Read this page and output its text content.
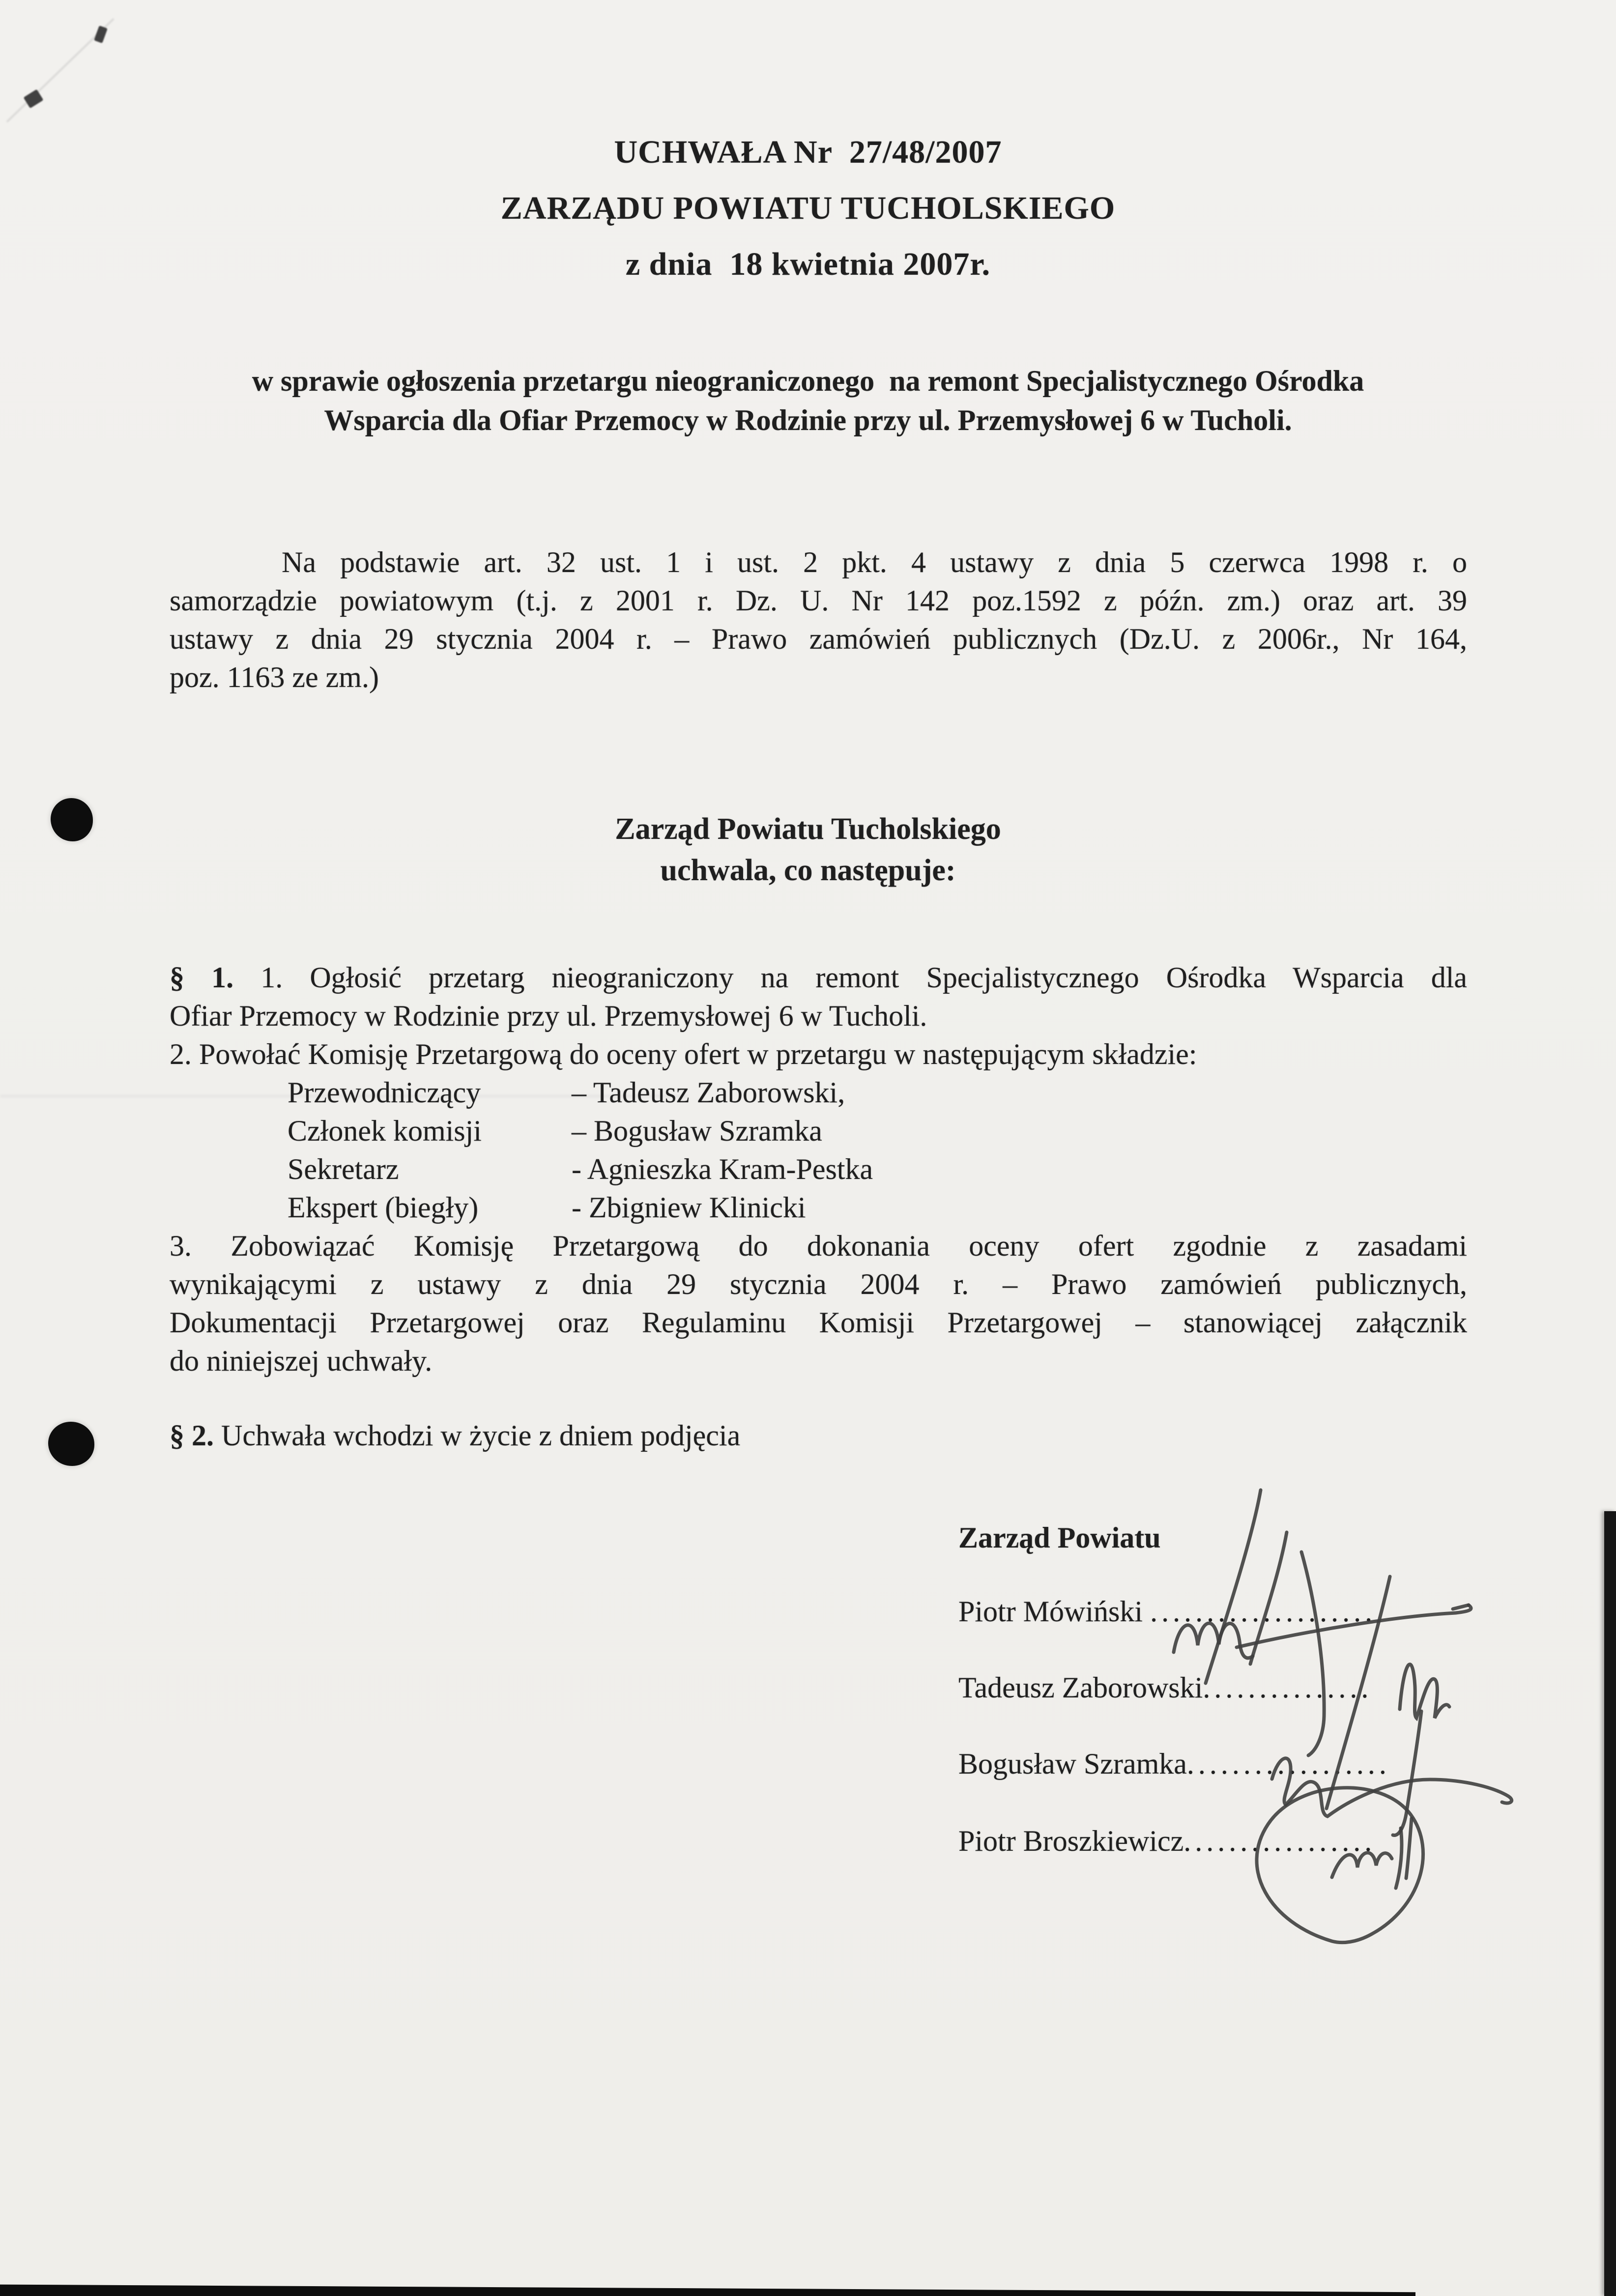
UCHWAŁA Nr  27/48/2007
ZARZĄDU POWIATU TUCHOLSKIEGO
z dnia  18 kwietnia 2007r.
w sprawie ogłoszenia przetargu nieograniczonego  na remont Specjalistycznego Ośrodka
Wsparcia dla Ofiar Przemocy w Rodzinie przy ul. Przemysłowej 6 w Tucholi.
Na podstawie art. 32 ust. 1 i ust. 2 pkt. 4 ustawy z dnia 5 czerwca 1998 r. o
samorządzie powiatowym (t.j. z 2001 r. Dz. U. Nr 142 poz.1592 z późn. zm.) oraz art. 39
ustawy z dnia 29 stycznia 2004 r. – Prawo zamówień publicznych (Dz.U. z 2006r., Nr 164,
poz. 1163 ze zm.)
Zarząd Powiatu Tucholskiego
uchwala, co następuje:
§ 1. 1. Ogłosić przetarg nieograniczony na remont Specjalistycznego Ośrodka Wsparcia dla
Ofiar Przemocy w Rodzinie przy ul. Przemysłowej 6 w Tucholi.
2. Powołać Komisję Przetargową do oceny ofert w przetargu w następującym składzie:
Przewodniczący	– Tadeusz Zaborowski,
Członek komisji	– Bogusław Szramka
Sekretarz	- Agnieszka Kram-Pestka
Ekspert (biegły)	- Zbigniew Klinicki
3. Zobowiązać Komisję Przetargową do dokonania oceny ofert zgodnie z zasadami
wynikającymi z ustawy z dnia 29 stycznia 2004 r. – Prawo zamówień publicznych,
Dokumentacji Przetargowej oraz Regulaminu Komisji Przetargowej – stanowiącej załącznik
do niniejszej uchwały.
§ 2. Uchwała wchodzi w życie z dniem podjęcia
Zarząd Powiatu
Piotr Mówiński ....................
Tadeusz Zaborowski...............
Bogusław Szramka..................
Piotr Broszkiewicz.................
